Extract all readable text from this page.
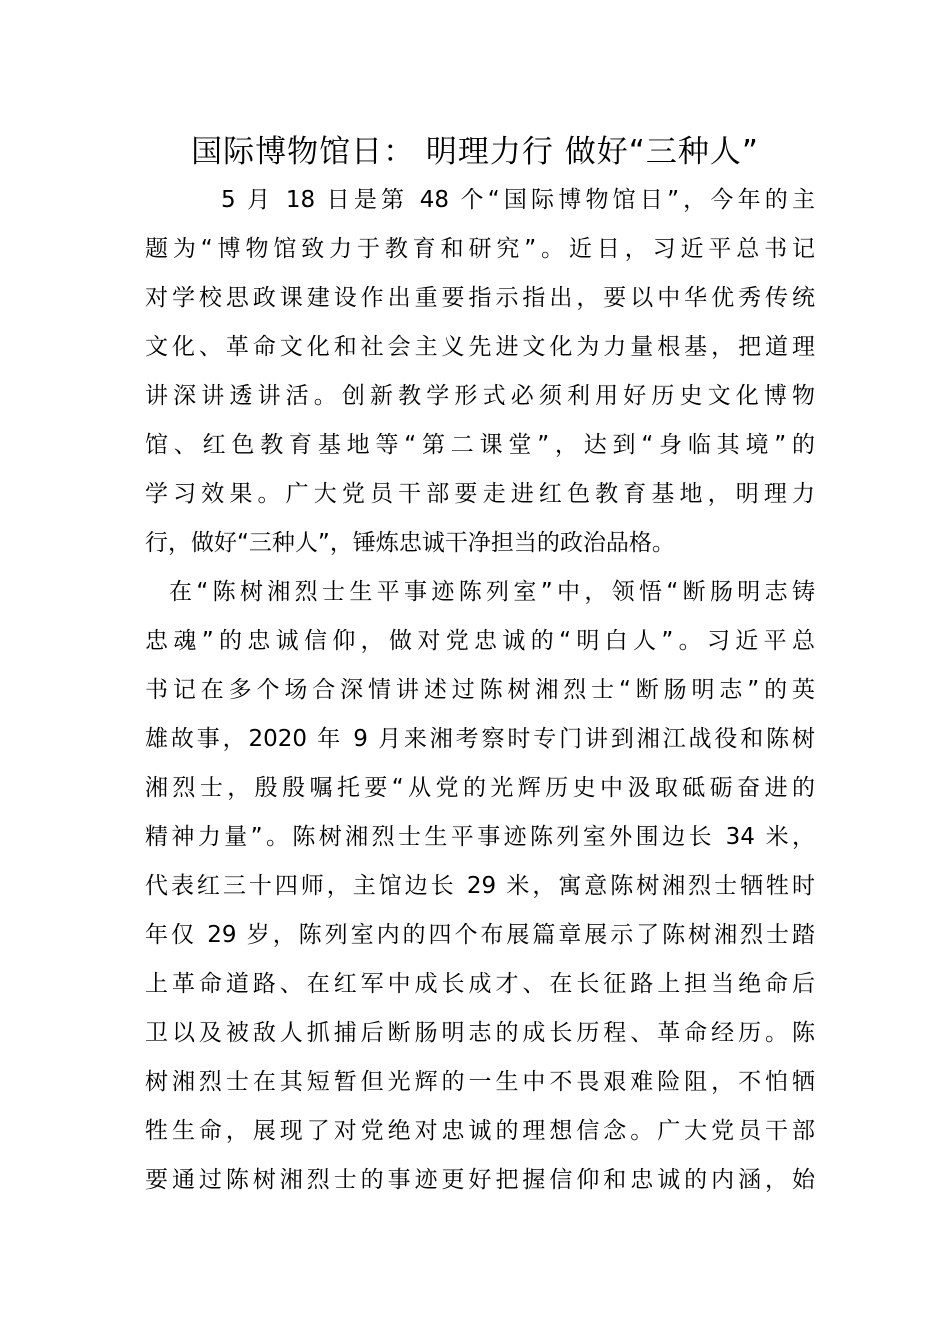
国际博物馆日： 明理力行 做好“三种人”
5 月 18 日是第 48 个“国际博物馆日”，今年的主
题为“博物馆致力于教育和研究”。近日，习近平总书记
对学校思政课建设作出重要指示指出，要以中华优秀传统
文化、革命文化和社会主义先进文化为力量根基，把道理
讲深讲透讲活。创新教学形式必须利用好历史文化博物
馆、红色教育基地等“第二课堂”，达到“身临其境”的
学习效果。广大党员干部要走进红色教育基地，明理力
行，做好“三种人”，锤炼忠诚干净担当的政治品格。
在“陈树湘烈士生平事迹陈列室”中，领悟“断肠明志铸
忠魂”的忠诚信仰，做对党忠诚的“明白人”。习近平总
书记在多个场合深情讲述过陈树湘烈士“断肠明志”的英
雄故事，2020 年 9 月来湘考察时专门讲到湘江战役和陈树
湘烈士，殷殷嘱托要“从党的光辉历史中汲取砥砺奋进的
精神力量”。陈树湘烈士生平事迹陈列室外围边长 34 米，
代表红三十四师，主馆边长 29 米，寓意陈树湘烈士牺牲时
年仅 29 岁，陈列室内的四个布展篇章展示了陈树湘烈士踏
上革命道路、在红军中成长成才、在长征路上担当绝命后
卫以及被敌人抓捕后断肠明志的成长历程、革命经历。陈
树湘烈士在其短暂但光辉的一生中不畏艰难险阻，不怕牺
牲生命，展现了对党绝对忠诚的理想信念。广大党员干部
要通过陈树湘烈士的事迹更好把握信仰和忠诚的内涵，始
